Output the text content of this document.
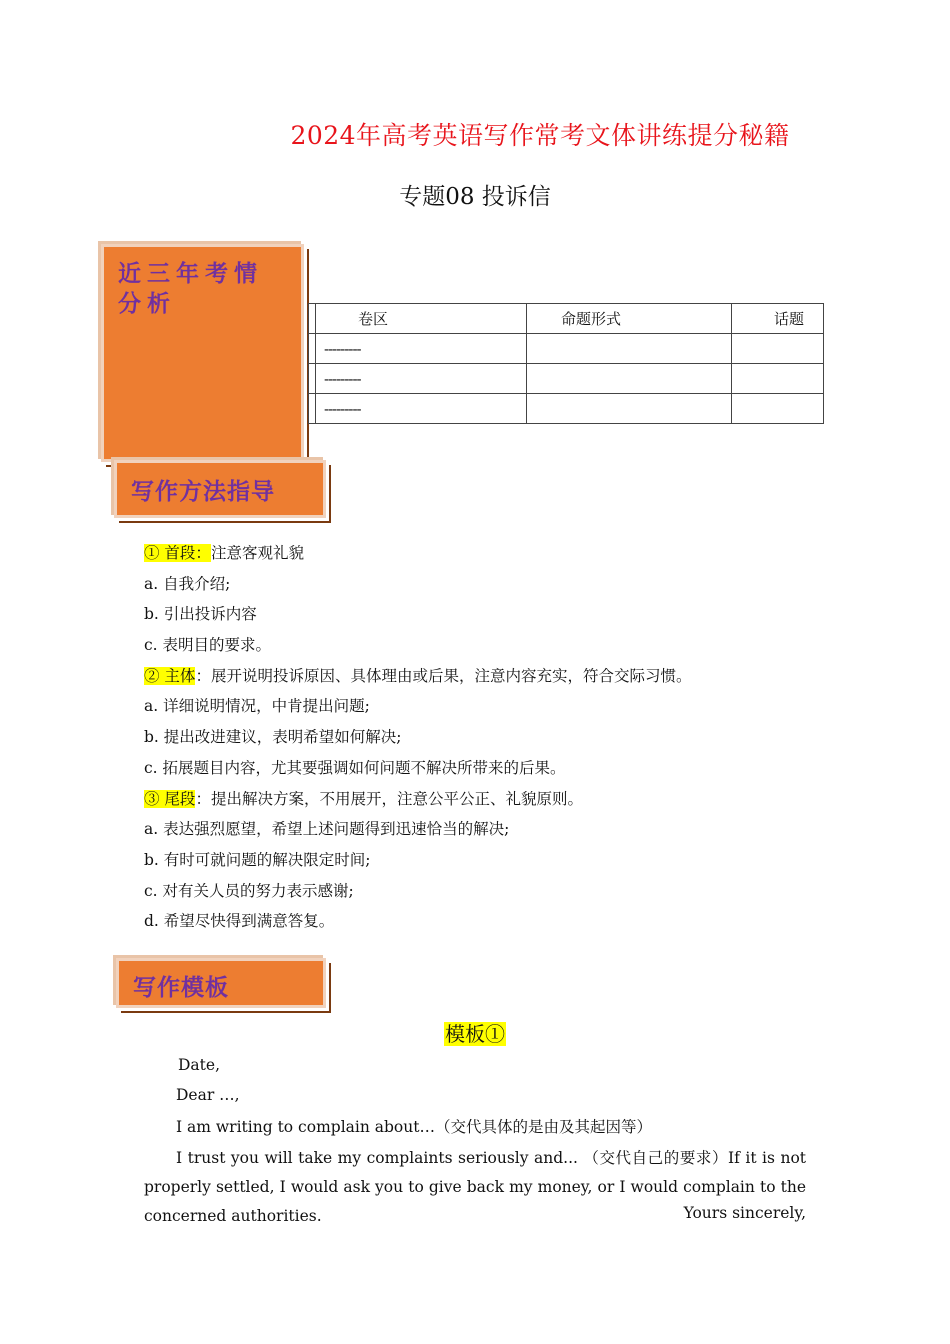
2024年高考英语写作常考文体讲练提分秘籍
专题08 投诉信
近三年考情分析
	卷区	命题形式	话题
	---------		
	---------		
	---------		
写作方法指导
① 首段：注意客观礼貌
a. 自我介绍;
b. 引出投诉内容
c. 表明目的要求。
② 主体：展开说明投诉原因、具体理由或后果，注意内容充实，符合交际习惯。
a. 详细说明情况，中肯提出问题;
b. 提出改进建议，表明希望如何解决;
c. 拓展题目内容，尤其要强调如何问题不解决所带来的后果。
③ 尾段：提出解决方案，不用展开，注意公平公正、礼貌原则。
a. 表达强烈愿望，希望上述问题得到迅速恰当的解决;
b. 有时可就问题的解决限定时间;
c. 对有关人员的努力表示感谢;
d. 希望尽快得到满意答复。
写作模板
模板①
Date,
Dear …,
I am writing to complain about…（交代具体的是由及其起因等）
I trust you will take my complaints seriously and... （交代自己的要求）If it is not properly settled, I would ask you to give back my money, or I would complain to the concerned authorities.	Yours sincerely,
